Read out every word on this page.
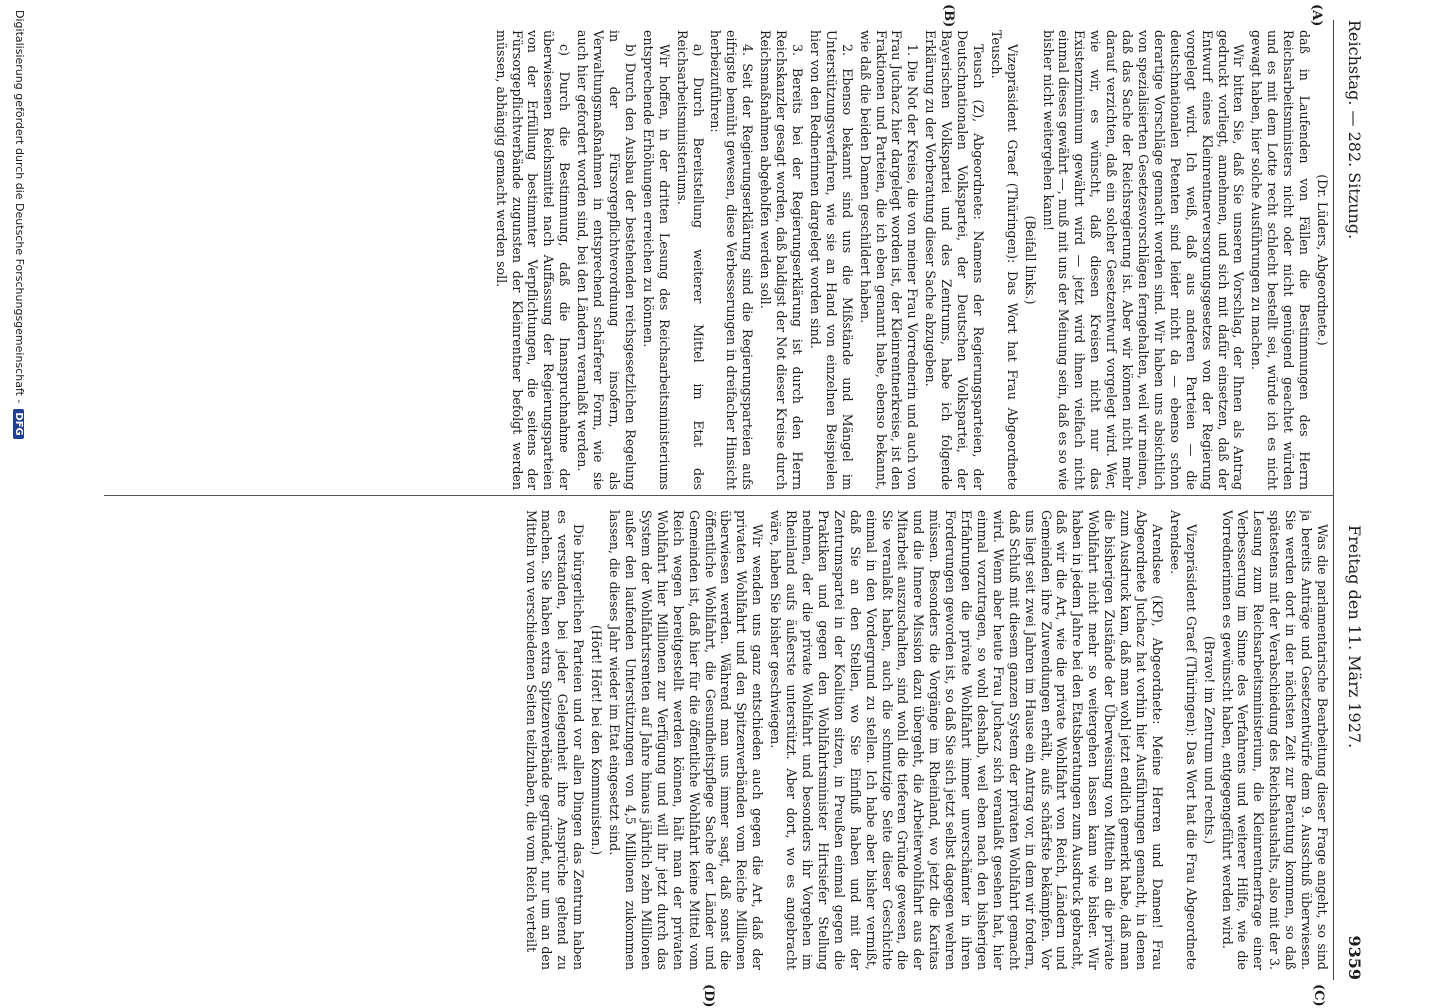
Reichstag. — 282. Sitzung.
Freitag den 11. März 1927.
9359
(A)
(B)
(C)
(D)

(Dr. Lüders, Abgeordnete.)

daß in Laufenden von Fällen die Bestimmungen des Herrn Reichsarbeitsministers nicht oder nicht genügend geachtet würden und es mit dem Lotte recht schlecht bestellt sei, würde ich es nicht gewagt haben, hier solche Ausführungen zu machen.

Wir bitten Sie, daß Sie unseren Vorschlag, der Ihnen als Antrag gedruckt vorliegt, annehmen, und sich mit dafür einsetzen, daß der Entwurf eines Kleinrentnerversorgungsgesetzes von der Regierung vorgelegt wird. Ich weiß, daß aus anderen Parteien — die deutschnationalen Petenten sind leider nicht da — ebenso schon derartige Vorschläge gemacht worden sind. Wir haben uns absichtlich von spezialisierten Gesetzesvorschlägen ferngehalten, weil wir meinen, daß das Sache der Reichsregierung ist. Aber wir können nicht mehr darauf verzichten, daß ein solcher Gesetzentwurf vorgelegt wird. Wer, wie wir, es wünscht, daß diesen Kreisen nicht nur das Existenzminimum gewährt wird — jetzt wird ihnen vielfach nicht einmal dieses gewährt —, muß mit uns der Meinung sein, daß es so wie bisher nicht weitergehen kann!

(Beifall links.)

Vizepräsident Graef (Thüringen): Das Wort hat Frau Abgeordnete Teusch.

Teusch (Z), Abgeordnete: Namens der Regierungsparteien, der Deutschnationalen Volkspartei, der Deutschen Volkspartei, der Bayerischen Volkspartei und des Zentrums, habe ich folgende Erklärung zu der Vorberatung dieser Sache abzugeben.

1. Die Not der Kreise, die von meiner Frau Vorrednerin und auch von Frau Juchacz hier dargelegt worden ist, der Kleinrentnerkreise, ist den Fraktionen und Parteien, die ich eben genannt habe, ebenso bekannt, wie daß die beiden Damen geschildert haben.

2. Ebenso bekannt sind uns die Mißstände und Mängel im Unterstützungsverfahren, wie sie an Hand von einzelnen Beispielen hier von den Rednerinnen dargelegt worden sind.

3. Bereits bei der Regierungserklärung ist durch den Herrn Reichskanzler gesagt worden, daß baldigst der Not dieser Kreise durch Reichsmaßnahmen abgeholfen werden soll.

4. Seit der Regierungserklärung sind die Regierungsparteien aufs eifrigste bemüht gewesen, diese Verbesserungen in dreifacher Hinsicht herbeizuführen:

a) Durch Bereitstellung weiterer Mittel im Etat des Reichsarbeitsministeriums.

Wir hoffen, in der dritten Lesung des Reichsarbeitsministeriums entsprechende Erhöhungen erreichen zu können.

b) Durch den Ausbau der bestehenden reichsgesetzlichen Regelung in der Fürsorgepflichtverordnung insofern, als Verwaltungsmaßnahmen in entsprechend schärferer Form, wie sie auch hier gefordert worden sind, bei den Ländern veranlaßt werden.

c) Durch die Bestimmung, daß die Inanspruchnahme der überwiesenen Reichsmittel nach Auffassung der Regierungsparteien von der Erfüllung bestimmter Verpflichtungen, die seitens der Fürsorgepflichtverbände zugunsten der Kleinrentner befolgt werden müssen, abhängig gemacht werden soll.

Was die parlamentarische Bearbeitung dieser Frage angeht, so sind ja bereits Anträge und Gesetzentwürfe dem 9. Ausschuß überwiesen. Sie werden dort in der nächsten Zeit zur Beratung kommen, so daß spätestens mit der Verabschiedung des Reichshaushalts, also mit der 3. Lesung zum Reichsarbeitsministerium, die Kleinrentnerfrage einer Verbesserung im Sinne des Verfahrens und weiterer Hilfe, wie die Vorrednerinnen es gewünscht haben, entgegengeführt werden wird.

(Bravo! im Zentrum und rechts.)

Vizepräsident Graef (Thüringen): Das Wort hat die Frau Abgeordnete Arendsee.

Arendsee (KP), Abgeordnete: Meine Herren und Damen! Frau Abgeordnete Juchacz hat vorhin hier Ausführungen gemacht, in denen zum Ausdruck kam, daß man wohl jetzt endlich gemerkt habe, daß man die bisherigen Zustände der Überweisung von Mitteln an die private Wohlfahrt nicht mehr so weitergehen lassen kann wie bisher. Wir haben in jedem Jahre bei den Etatsberatungen zum Ausdruck gebracht, daß wir die Art, wie die private Wohlfahrt von Reich, Ländern und Gemeinden ihre Zuwendungen erhält, aufs schärfste bekämpfen. Vor uns liegt seit zwei Jahren im Hause ein Antrag vor, in dem wir fordern, daß Schluß mit diesem ganzen System der privaten Wohlfahrt gemacht wird. Wenn aber heute Frau Juchacz sich veranlaßt gesehen hat, hier einmal vorzutragen, so wohl deshalb, weil eben nach den bisherigen Erfahrungen die private Wohlfahrt immer unverschämter in ihren Forderungen geworden ist, so daß Sie sich jetzt selbst dagegen wehren müssen. Besonders die Vorgänge im Rheinland, wo jetzt die Karitas und die Innere Mission dazu übergeht, die Arbeiterwohlfahrt aus der Mitarbeit auszuschalten, sind wohl die tieferen Gründe gewesen, die Sie veranlaßt haben, auch die schmutzige Seite dieser Geschichte einmal in den Vordergrund zu stellen. Ich habe aber bisher vermißt, daß Sie an den Stellen, wo Sie Einfluß haben und mit der Zentrumspartei in der Koalition sitzen, in Preußen einmal gegen die Praktiken und gegen den Wohlfahrtsminister Hirtsiefer Stellung nehmen, der die private Wohlfahrt und besonders ihr Vorgehen im Rheinland aufs äußerste unterstützt. Aber dort, wo es angebracht wäre, haben Sie bisher geschwiegen.

Wir wenden uns ganz entschieden auch gegen die Art, daß der privaten Wohlfahrt und den Spitzenverbänden vom Reiche Millionen überwiesen werden. Während man uns immer sagt, daß sonst die öffentliche Wohlfahrt, die Gesundheitspflege Sache der Länder und Gemeinden ist, daß hier für die öffentliche Wohlfahrt keine Mittel vom Reich wegen bereitgestellt werden können, hält man der privaten Wohlfahrt hier Millionen zur Verfügung und will ihr jetzt durch das System der Wohlfahrtsrenten auf Jahre hinaus jährlich zehn Millionen außer den laufenden Unterstützungen von 4,5 Millionen zukommen lassen, die dieses Jahr wieder im Etat eingesetzt sind.

(Hört! Hört! bei den Kommunisten.)

Die bürgerlichen Parteien und vor allen Dingen das Zentrum haben es verstanden, bei jeder Gelegenheit ihre Ansprüche geltend zu machen. Sie haben extra Spitzenverbände gegründet, nur um an den Mitteln von verschiedenen Seiten teilzuhaben, die vom Reich verteilt

Digitalisierung gefördert durch die Deutsche Forschungsgemeinschaft -DFG
